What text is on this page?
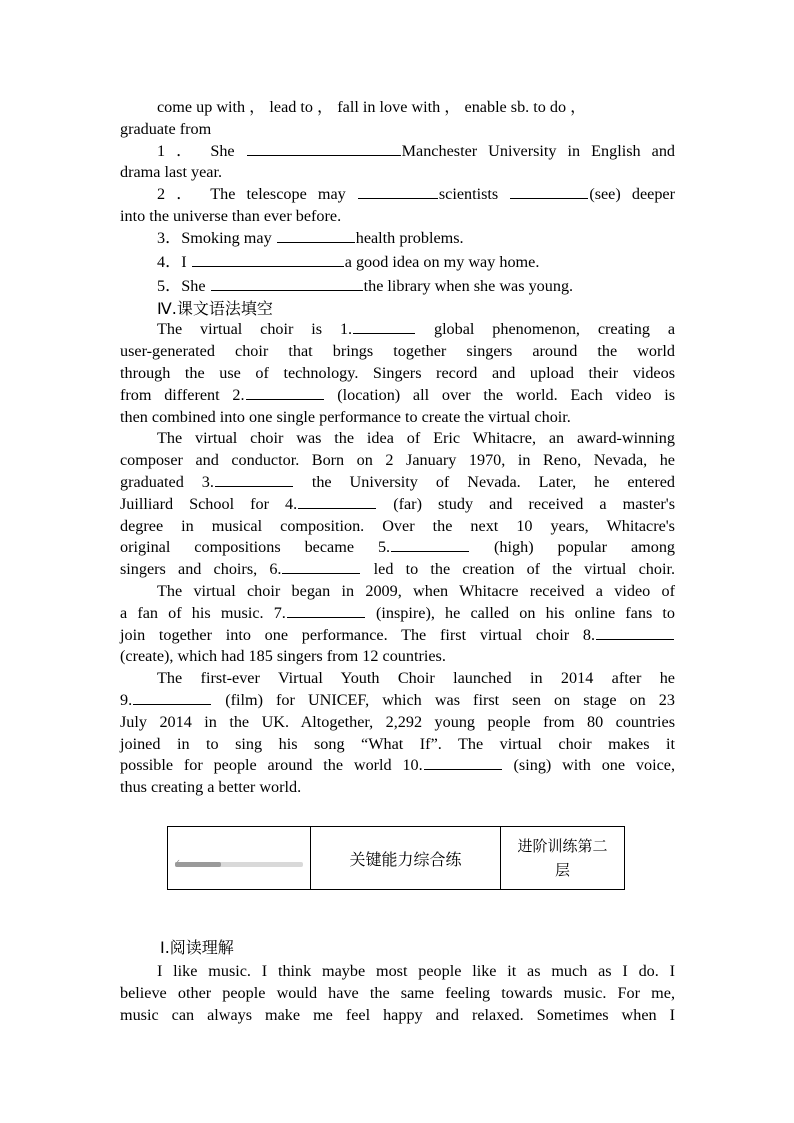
come up with ， lead to ， fall in love with ， enable sb. to do ，
graduate from
1 ． She	Manchester University in English and
drama last year.
2 ． The telescope may	scientists	(see) deeper
into the universe than ever before.
3．Smoking may	health problems.
4．I	a good idea on my way home.
5．She	the library when she was young.
Ⅳ.课文语法填空
The virtual choir is 1.	global phenomenon, creating a
user-generated choir that brings together singers around the world
through the use of technology. Singers record and upload their videos
from different 2.	(location) all over the world. Each video is
then combined into one single performance to create the virtual choir.
The virtual choir was the idea of Eric Whitacre, an award-winning
composer and conductor. Born on 2 January 1970, in Reno, Nevada, he
graduated 3.	the University of Nevada. Later, he entered
Juilliard School for 4.	(far) study and received a master's
degree in musical composition. Over the next 10 years, Whitacre's
original compositions became 5.	(high) popular among
singers and choirs, 6.	led to the creation of the virtual choir.
The virtual choir began in 2009, when Whitacre received a video of
a fan of his music. 7.	(inspire), he called on his online fans to
join together into one performance. The first virtual choir 8.
(create), which had 185 singers from 12 countries.
The first-ever Virtual Youth Choir launched in 2014 after he
9.	(film) for UNICEF, which was first seen on stage on 23
July 2014 in the UK. Altogether, 2,292 young people from 80 countries
joined in to sing his song “What If”. The virtual choir makes it
possible for people around the world 10.	(sing) with one voice,
thus creating a better world.
关键能力综合练
进阶训练第二层
Ⅰ.阅读理解
I like music. I think maybe most people like it as much as I do. I
believe other people would have the same feeling towards music. For me,
music can always make me feel happy and relaxed. Sometimes when I
